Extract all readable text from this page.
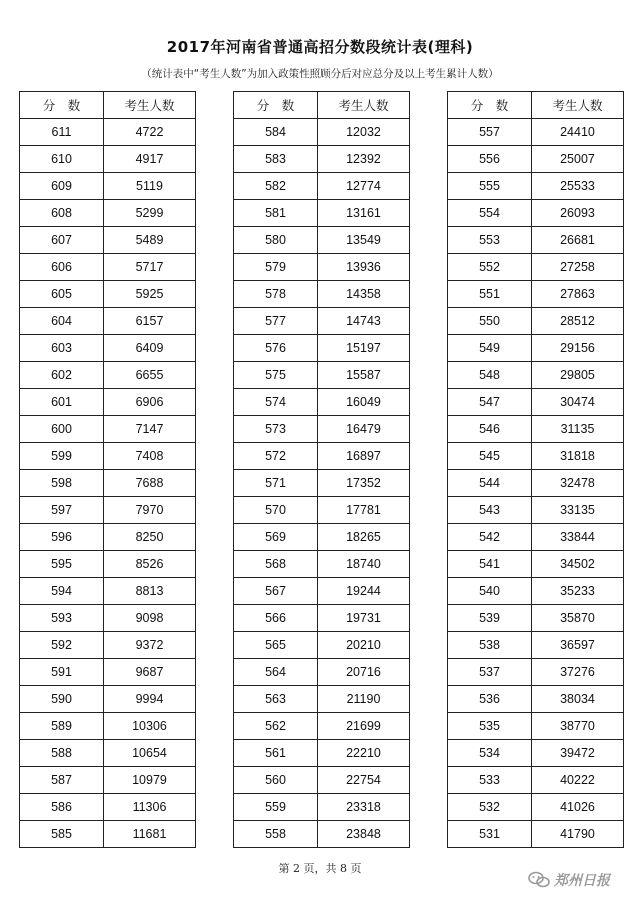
2017年河南省普通高招分数段统计表(理科)
（统计表中“考生人数”为加入政策性照顾分后对应总分及以上考生累计人数）
分　数	考生人数
611	4722
610	4917
609	5119
608	5299
607	5489
606	5717
605	5925
604	6157
603	6409
602	6655
601	6906
600	7147
599	7408
598	7688
597	7970
596	8250
595	8526
594	8813
593	9098
592	9372
591	9687
590	9994
589	10306
588	10654
587	10979
586	11306
585	11681
分　数	考生人数
584	12032
583	12392
582	12774
581	13161
580	13549
579	13936
578	14358
577	14743
576	15197
575	15587
574	16049
573	16479
572	16897
571	17352
570	17781
569	18265
568	18740
567	19244
566	19731
565	20210
564	20716
563	21190
562	21699
561	22210
560	22754
559	23318
558	23848
分　数	考生人数
557	24410
556	25007
555	25533
554	26093
553	26681
552	27258
551	27863
550	28512
549	29156
548	29805
547	30474
546	31135
545	31818
544	32478
543	33135
542	33844
541	34502
540	35233
539	35870
538	36597
537	37276
536	38034
535	38770
534	39472
533	40222
532	41026
531	41790
第 2 页，共 8 页
郑州日报
